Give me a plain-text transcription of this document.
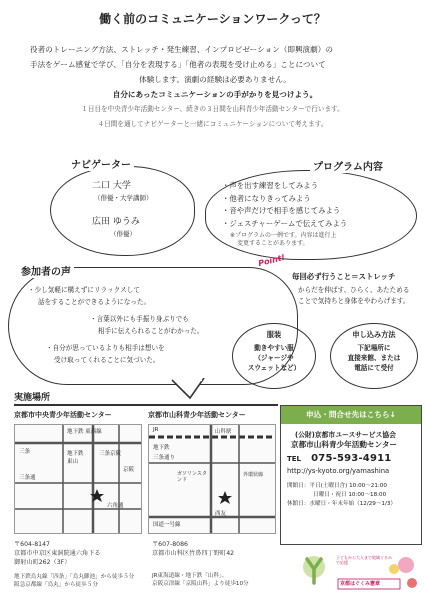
働く前のコミュニケーションワークって？

役者のトレーニング方法、ストレッチ・発生練習、インプロビゼーション（即興演劇）の

手法をゲーム感覚で学び、「自分を表現する」「他者の表現を受け止める」ことについて

体験します。演劇の経験は必要ありません。

自分にあったコミュニケーションの手がかりを見つけよう。

１日目を中央青少年活動センター、続きの３日間を山科青少年活動センターで行います。
４日間を通してナビゲーターと一緒にコミュニケーションについて考えます。
ナビゲーター
二口 大学
（俳優・大学講師）
広田 ゆうみ
（俳優）
プログラム内容
・声を出す練習をしてみよう
・他者になりきってみよう
・音や声だけで相手を感じてみよう
・ジェスチャーゲームで伝えてみよう
※プログラムの一例です。内容は進行上
変更することがあります。
参加者の声
・少し気軽に構えずにリラックスして
話をすることができるようになった。
・言葉以外にも手振り身ぶりでも
相手に伝えられることがわかった。
・自分が思っているよりも相手は想いを
受け取ってくれることに気づいた。
Point!
毎回必ず行うこと＝ストレッチ
からだを伸ばす、ひらく、あたためる
ことで気持ちと身体をやわらげます。
服装
動きやすい服
（ジャージや
スウェットなど）
申し込み方法
下記場所に
直接来館、または
電話にて受付
実施場所
京都市中央青少年活動センター	京都市山科青少年活動センター
地下鉄 東西線
三条京阪
京阪
三条	地下鉄
東山
六角通
三条通
山科駅
JR
地下鉄
三条通り
ガソリンスタンド
国道一号線
西友
外環状線
〒604-8147
京都市中京区東洞院通六角下る
御射山町262（3F）
地下鉄烏丸線「四条」「烏丸御池」から徒歩５分
阪急京都線「烏丸」から徒歩５分
〒607-8086
京都市山科区竹鼻四丁野町42
JR東海道線・地下鉄「山科」、
京阪京津線「京阪山科」より徒歩10分
申込・問合せ先はこちら↓
(公財)京都市ユースサービス協会
京都市山科青少年活動センター
TEL 075-593-4911
http://ys-kyoto.org/yamashina
開館日：平日(土曜日含) 10:00〜21:00
日曜日・祝日 10:00〜18:00
休館日：水曜日・年末年始（12/29〜1/3）
子どもから大人まで地域ぐるみで応援
京都はぐくみ憲章
